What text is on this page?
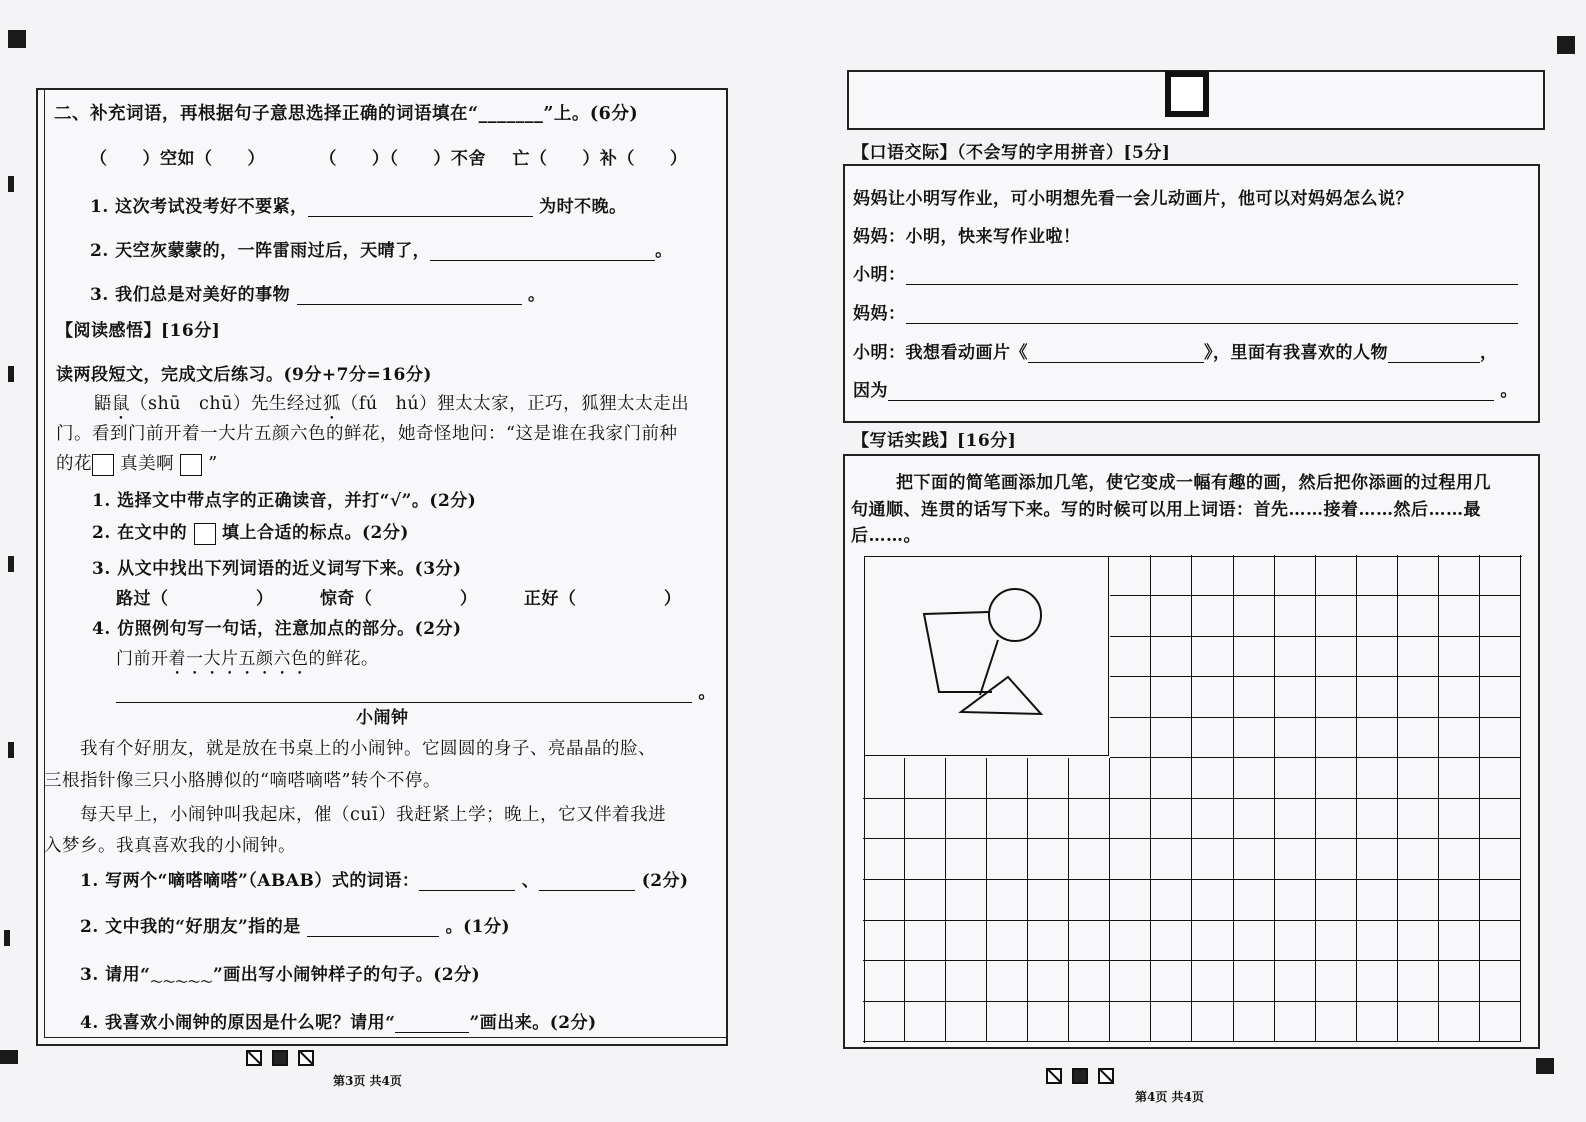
二、补充词语，再根据句子意思选择正确的词语填在“_______”上。(6分)
（　　）空如（　　）	（　　）（　　）不舍 亡（　　）补（　　）
1. 这次考试没考好不要紧，	为时不晚。
2. 天空灰蒙蒙的，一阵雷雨过后，天晴了，	。
3. 我们总是对美好的事物	。
【阅读感悟】[16分]
读两段短文，完成文后练习。(9分+7分=16分)
鼯鼠（shū　chū）先生经过狐（fú　hú）狸太太家，正巧，狐狸太太走出
门。看到门前开着一大片五颜六色的鲜花，她奇怪地问：“这是谁在我家门前种
的花 真美啊 ”
1. 选择文中带点字的正确读音，并打“√”。(2分)
2. 在文中的 填上合适的标点。(2分)
3. 从文中找出下列词语的近义词写下来。(3分)
路过（　　　　　）	惊奇（　　　　　）	正好（　　　　　）
4. 仿照例句写一句话，注意加点的部分。(2分)
门前开着一大片五颜六色的鲜花。
。
小闹钟
我有个好朋友，就是放在书桌上的小闹钟。它圆圆的身子、亮晶晶的脸、
三根指针像三只小胳膊似的“嘀嗒嘀嗒”转个不停。
每天早上，小闹钟叫我起床，催（cuī）我赶紧上学；晚上，它又伴着我进
入梦乡。我真喜欢我的小闹钟。
1. 写两个“嘀嗒嘀嗒”（ABAB）式的词语：	、	(2分)
2. 文中我的“好朋友”指的是	。(1分)
3. 请用“$_{\sim\sim\sim\sim\sim}$”画出写小闹钟样子的句子。(2分)
4. 我喜欢小闹钟的原因是什么呢？请用“	”画出来。(2分)
第3页 共4页
【口语交际】（不会写的字用拼音）[5分]
妈妈让小明写作业，可小明想先看一会儿动画片，他可以对妈妈怎么说？
妈妈：小明，快来写作业啦！
小明：
妈妈：
小明：我想看动画片《	》，里面有我喜欢的人物	，
因为	。
【写话实践】[16分]
把下面的简笔画添加几笔，使它变成一幅有趣的画，然后把你添画的过程用几
句通顺、连贯的话写下来。写的时候可以用上词语：首先……接着……然后……最
后……。
第4页 共4页
